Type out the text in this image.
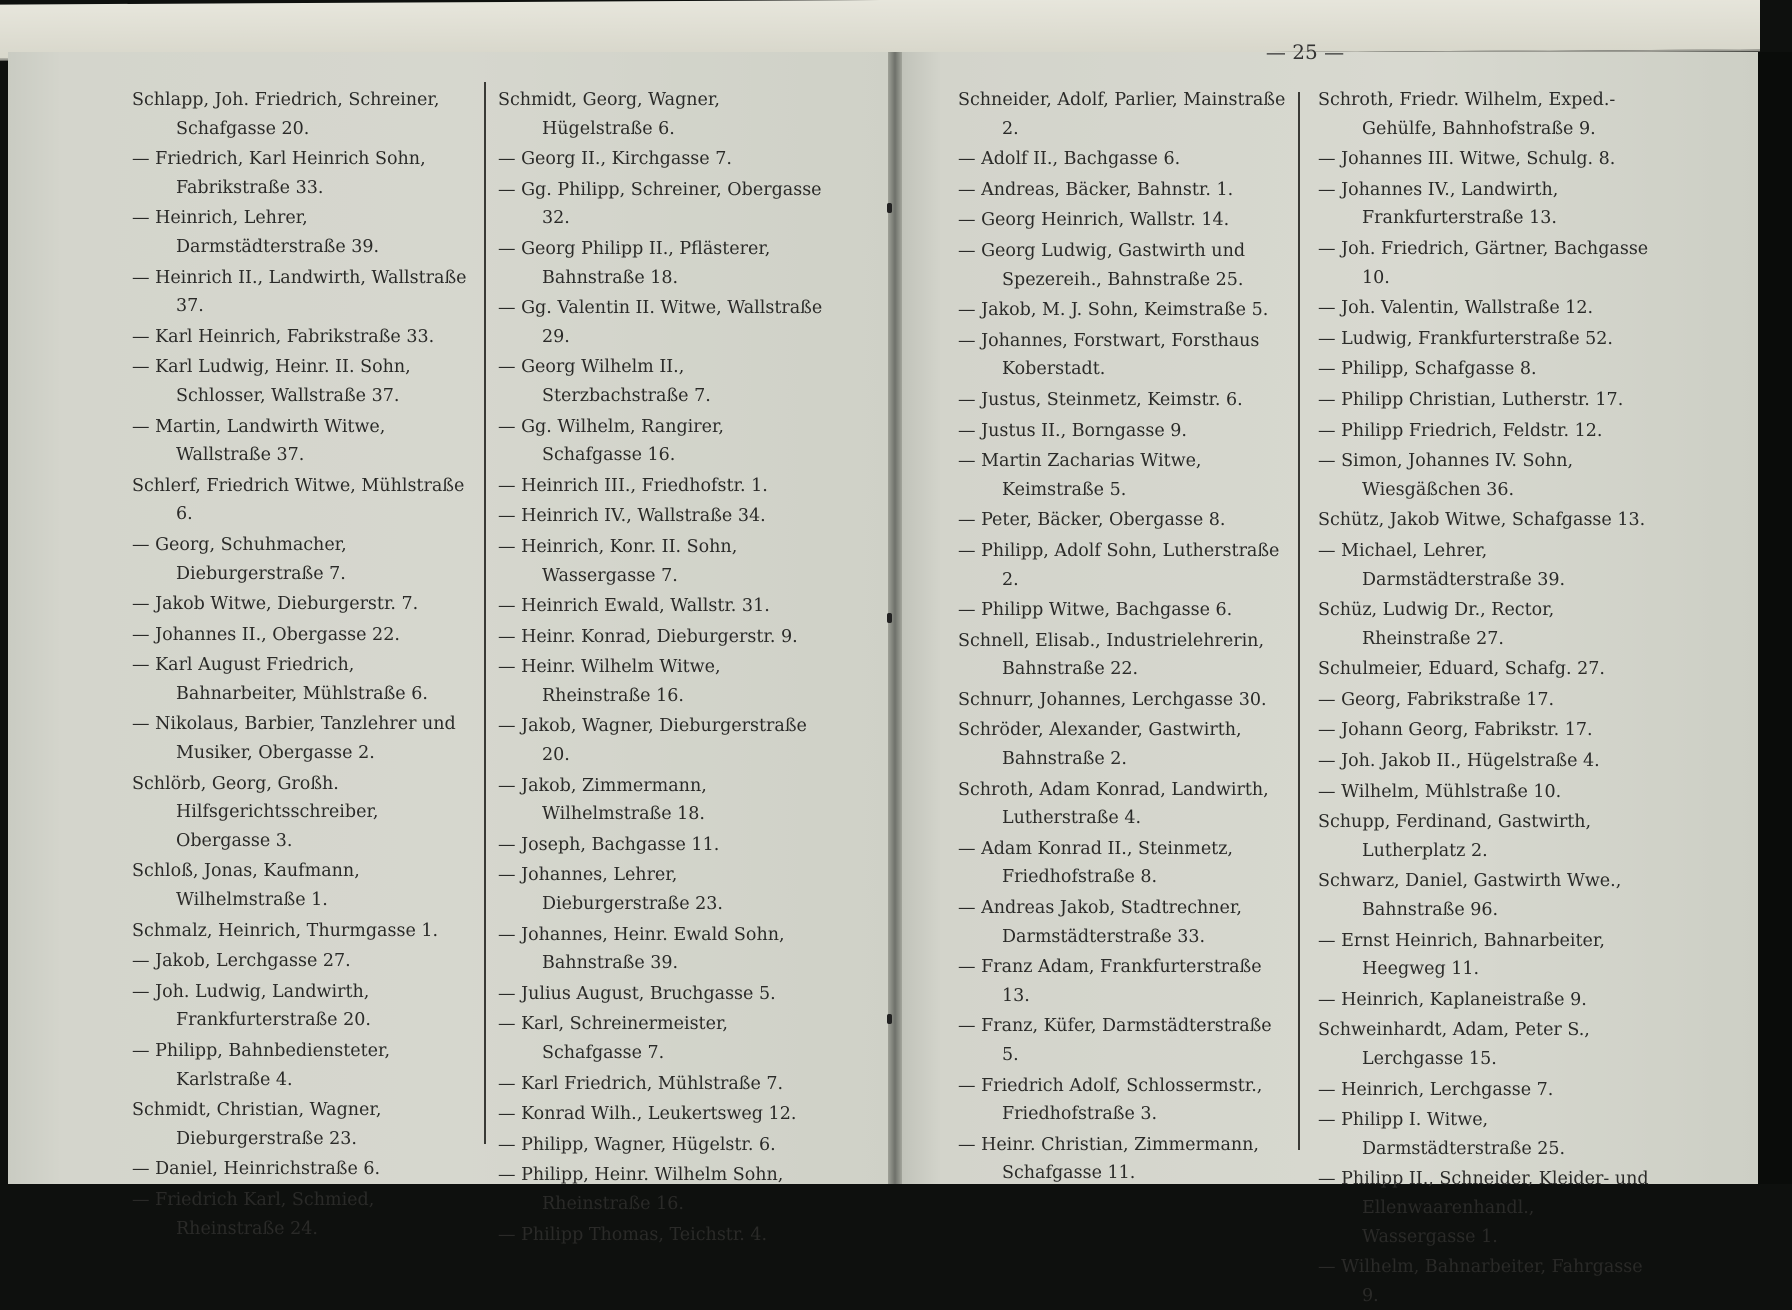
— 25 —

Schlapp, Joh. Friedrich, Schreiner, Schafgasse 20.

— Friedrich, Karl Heinrich Sohn, Fabrikstraße 33.

— Heinrich, Lehrer, Darmstädterstraße 39.

— Heinrich II., Landwirth, Wallstraße 37.

— Karl Heinrich, Fabrikstraße 33.

— Karl Ludwig, Heinr. II. Sohn, Schlosser, Wallstraße 37.

— Martin, Landwirth Witwe, Wallstraße 37.

Schlerf, Friedrich Witwe, Mühlstraße 6.

— Georg, Schuhmacher, Dieburgerstraße 7.

— Jakob Witwe, Dieburgerstr. 7.

— Johannes II., Obergasse 22.

— Karl August Friedrich, Bahnarbeiter, Mühlstraße 6.

— Nikolaus, Barbier, Tanzlehrer und Musiker, Obergasse 2.

Schlörb, Georg, Großh. Hilfsgerichtsschreiber, Obergasse 3.

Schloß, Jonas, Kaufmann, Wilhelmstraße 1.

Schmalz, Heinrich, Thurmgasse 1.

— Jakob, Lerchgasse 27.

— Joh. Ludwig, Landwirth, Frankfurterstraße 20.

— Philipp, Bahnbediensteter, Karlstraße 4.

Schmidt, Christian, Wagner, Dieburgerstraße 23.

— Daniel, Heinrichstraße 6.

— Friedrich Karl, Schmied, Rheinstraße 24.

Schmidt, Georg, Wagner, Hügelstraße 6.

— Georg II., Kirchgasse 7.

— Gg. Philipp, Schreiner, Obergasse 32.

— Georg Philipp II., Pflästerer, Bahnstraße 18.

— Gg. Valentin II. Witwe, Wallstraße 29.

— Georg Wilhelm II., Sterzbachstraße 7.

— Gg. Wilhelm, Rangirer, Schafgasse 16.

— Heinrich III., Friedhofstr. 1.

— Heinrich IV., Wallstraße 34.

— Heinrich, Konr. II. Sohn, Wassergasse 7.

— Heinrich Ewald, Wallstr. 31.

— Heinr. Konrad, Dieburgerstr. 9.

— Heinr. Wilhelm Witwe, Rheinstraße 16.

— Jakob, Wagner, Dieburgerstraße 20.

— Jakob, Zimmermann, Wilhelmstraße 18.

— Joseph, Bachgasse 11.

— Johannes, Lehrer, Dieburgerstraße 23.

— Johannes, Heinr. Ewald Sohn, Bahnstraße 39.

— Julius August, Bruchgasse 5.

— Karl, Schreinermeister, Schafgasse 7.

— Karl Friedrich, Mühlstraße 7.

— Konrad Wilh., Leukertsweg 12.

— Philipp, Wagner, Hügelstr. 6.

— Philipp, Heinr. Wilhelm Sohn, Rheinstraße 16.

— Philipp Thomas, Teichstr. 4.

Schneider, Adolf, Parlier, Mainstraße 2.

— Adolf II., Bachgasse 6.

— Andreas, Bäcker, Bahnstr. 1.

— Georg Heinrich, Wallstr. 14.

— Georg Ludwig, Gastwirth und Spezereih., Bahnstraße 25.

— Jakob, M. J. Sohn, Keimstraße 5.

— Johannes, Forstwart, Forsthaus Koberstadt.

— Justus, Steinmetz, Keimstr. 6.

— Justus II., Borngasse 9.

— Martin Zacharias Witwe, Keimstraße 5.

— Peter, Bäcker, Obergasse 8.

— Philipp, Adolf Sohn, Lutherstraße 2.

— Philipp Witwe, Bachgasse 6.

Schnell, Elisab., Industrielehrerin, Bahnstraße 22.

Schnurr, Johannes, Lerchgasse 30.

Schröder, Alexander, Gastwirth, Bahnstraße 2.

Schroth, Adam Konrad, Landwirth, Lutherstraße 4.

— Adam Konrad II., Steinmetz, Friedhofstraße 8.

— Andreas Jakob, Stadtrechner, Darmstädterstraße 33.

— Franz Adam, Frankfurterstraße 13.

— Franz, Küfer, Darmstädterstraße 5.

— Friedrich Adolf, Schlossermstr., Friedhofstraße 3.

— Heinr. Christian, Zimmermann, Schafgasse 11.

Schroth, Friedr. Wilhelm, Exped.-Gehülfe, Bahnhofstraße 9.

— Johannes III. Witwe, Schulg. 8.

— Johannes IV., Landwirth, Frankfurterstraße 13.

— Joh. Friedrich, Gärtner, Bachgasse 10.

— Joh. Valentin, Wallstraße 12.

— Ludwig, Frankfurterstraße 52.

— Philipp, Schafgasse 8.

— Philipp Christian, Lutherstr. 17.

— Philipp Friedrich, Feldstr. 12.

— Simon, Johannes IV. Sohn, Wiesgäßchen 36.

Schütz, Jakob Witwe, Schafgasse 13.

— Michael, Lehrer, Darmstädterstraße 39.

Schüz, Ludwig Dr., Rector, Rheinstraße 27.

Schulmeier, Eduard, Schafg. 27.

— Georg, Fabrikstraße 17.

— Johann Georg, Fabrikstr. 17.

— Joh. Jakob II., Hügelstraße 4.

— Wilhelm, Mühlstraße 10.

Schupp, Ferdinand, Gastwirth, Lutherplatz 2.

Schwarz, Daniel, Gastwirth Wwe., Bahnstraße 96.

— Ernst Heinrich, Bahnarbeiter, Heegweg 11.

— Heinrich, Kaplaneistraße 9.

Schweinhardt, Adam, Peter S., Lerchgasse 15.

— Heinrich, Lerchgasse 7.

— Philipp I. Witwe, Darmstädterstraße 25.

— Philipp II., Schneider, Kleider- und Ellenwaarenhandl., Wassergasse 1.

— Wilhelm, Bahnarbeiter, Fahrgasse 9.
